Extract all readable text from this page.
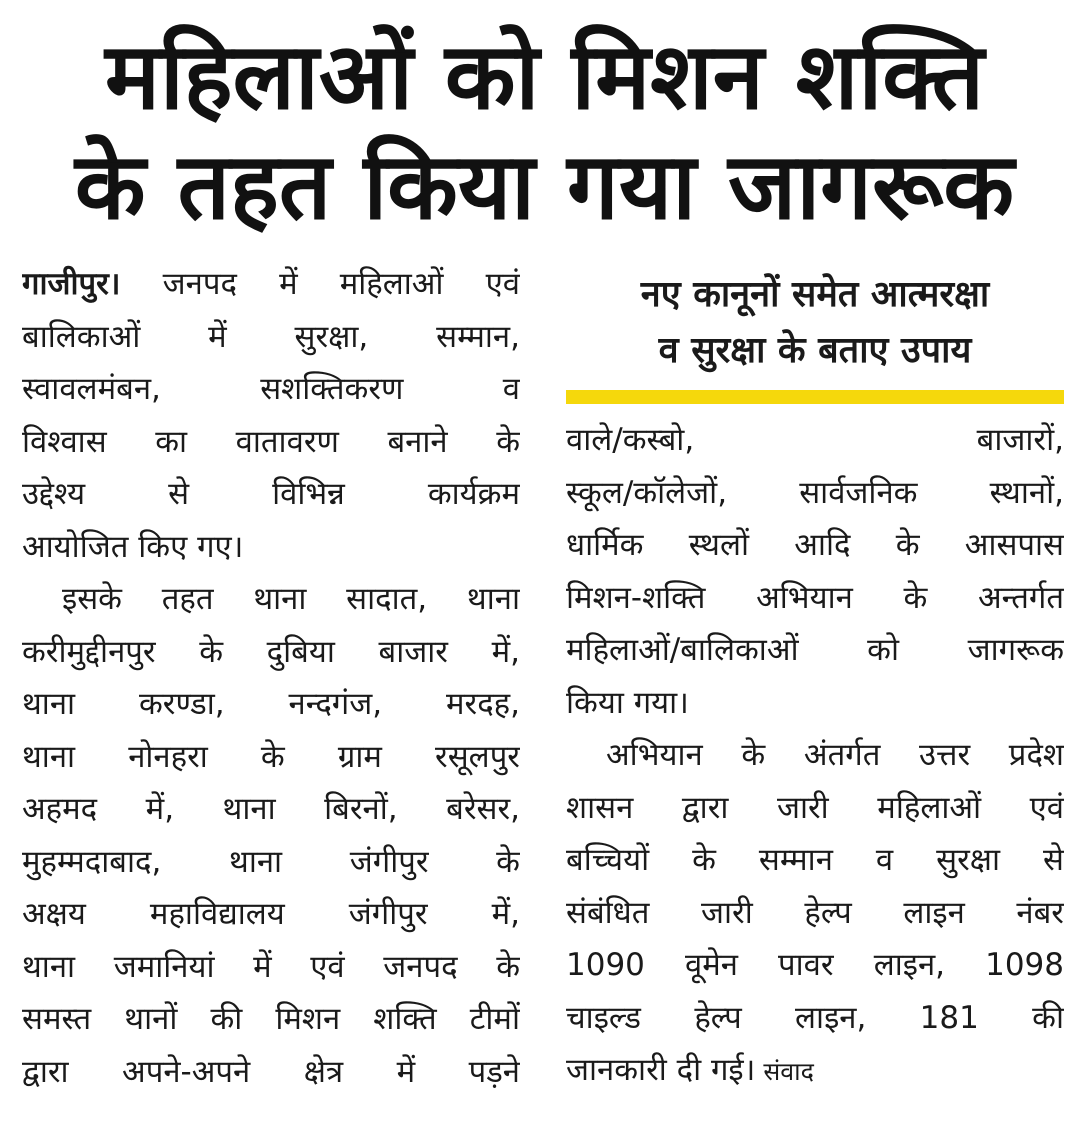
महिलाओं को मिशन शक्ति
के तहत किया गया जागरूक
गाजीपुर। जनपद में महिलाओं एवं
बालिकाओं में सुरक्षा, सम्मान,
स्वावलमंबन, सशक्तिकरण व
विश्वास का वातावरण बनाने के
उद्देश्य से विभिन्न कार्यक्रम
आयोजित किए गए।
इसके तहत थाना सादात, थाना
करीमुद्दीनपुर के दुबिया बाजार में,
थाना करण्डा, नन्दगंज, मरदह,
थाना नोनहरा के ग्राम रसूलपुर
अहमद में, थाना बिरनों, बरेसर,
मुहम्मदाबाद, थाना जंगीपुर के
अक्षय महाविद्यालय जंगीपुर में,
थाना जमानियां में एवं जनपद के
समस्त थानों की मिशन शक्ति टीमों
द्वारा अपने-अपने क्षेत्र में पड़ने
नए कानूनों समेत आत्मरक्षा
व सुरक्षा के बताए उपाय
वाले/कस्बो, बाजारों,
स्कूल/कॉलेजों, सार्वजनिक स्थानों,
धार्मिक स्थलों आदि के आसपास
मिशन-शक्ति अभियान के अन्तर्गत
महिलाओं/बालिकाओं को जागरूक
किया गया।
अभियान के अंतर्गत उत्तर प्रदेश
शासन द्वारा जारी महिलाओं एवं
बच्चियों के सम्मान व सुरक्षा से
संबंधित जारी हेल्प लाइन नंबर
1090 वूमेन पावर लाइन, 1098
चाइल्ड हेल्प लाइन, 181 की
जानकारी दी गई। संवाद
